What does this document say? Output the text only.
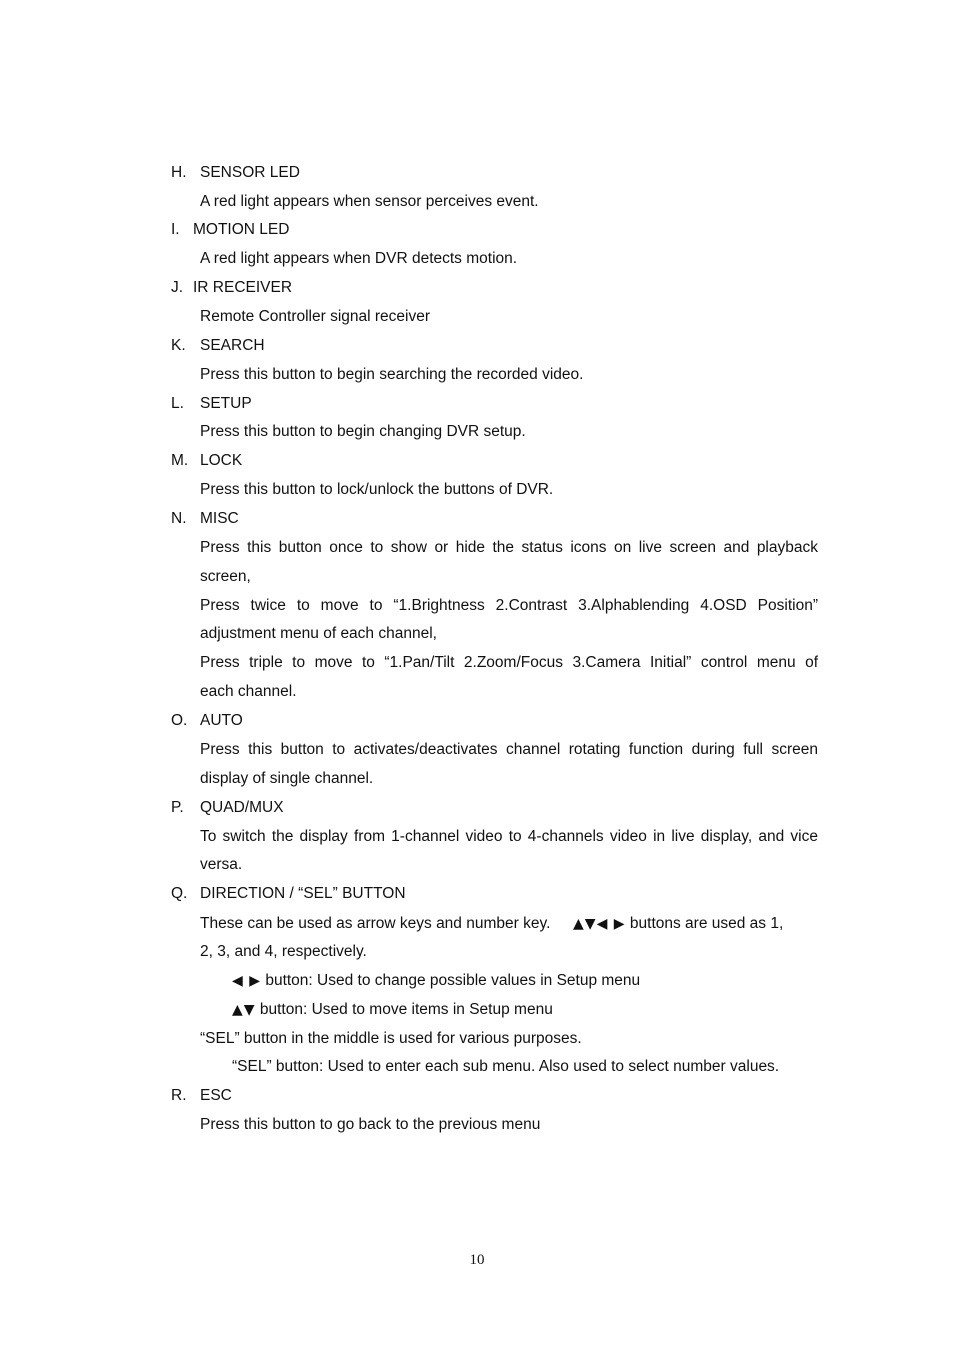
H. SENSOR LED
A red light appears when sensor perceives event.
I. MOTION LED
A red light appears when DVR detects motion.
J. IR RECEIVER
Remote Controller signal receiver
K. SEARCH
Press this button to begin searching the recorded video.
L. SETUP
Press this button to begin changing DVR setup.
M. LOCK
Press this button to lock/unlock the buttons of DVR.
N. MISC
Press this button once to show or hide the status icons on live screen and playback
screen,
Press twice to move to “1.Brightness 2.Contrast 3.Alphablending 4.OSD Position”
adjustment menu of each channel,
Press triple to move to “1.Pan/Tilt 2.Zoom/Focus 3.Camera Initial” control menu of
each channel.
O. AUTO
Press this button to activates/deactivates channel rotating function during full screen
display of single channel.
P. QUAD/MUX
To switch the display from 1-channel video to 4-channels video in live display, and vice
versa.
Q. DIRECTION / “SEL” BUTTON
These can be used as arrow keys and number key. ▲▼◀ ▶ buttons are used as 1,
2, 3, and 4, respectively.
◀ ▶ button: Used to change possible values in Setup menu
▲▼ button: Used to move items in Setup menu
“SEL” button in the middle is used for various purposes.
“SEL” button: Used to enter each sub menu. Also used to select number values.
R. ESC
Press this button to go back to the previous menu
10
